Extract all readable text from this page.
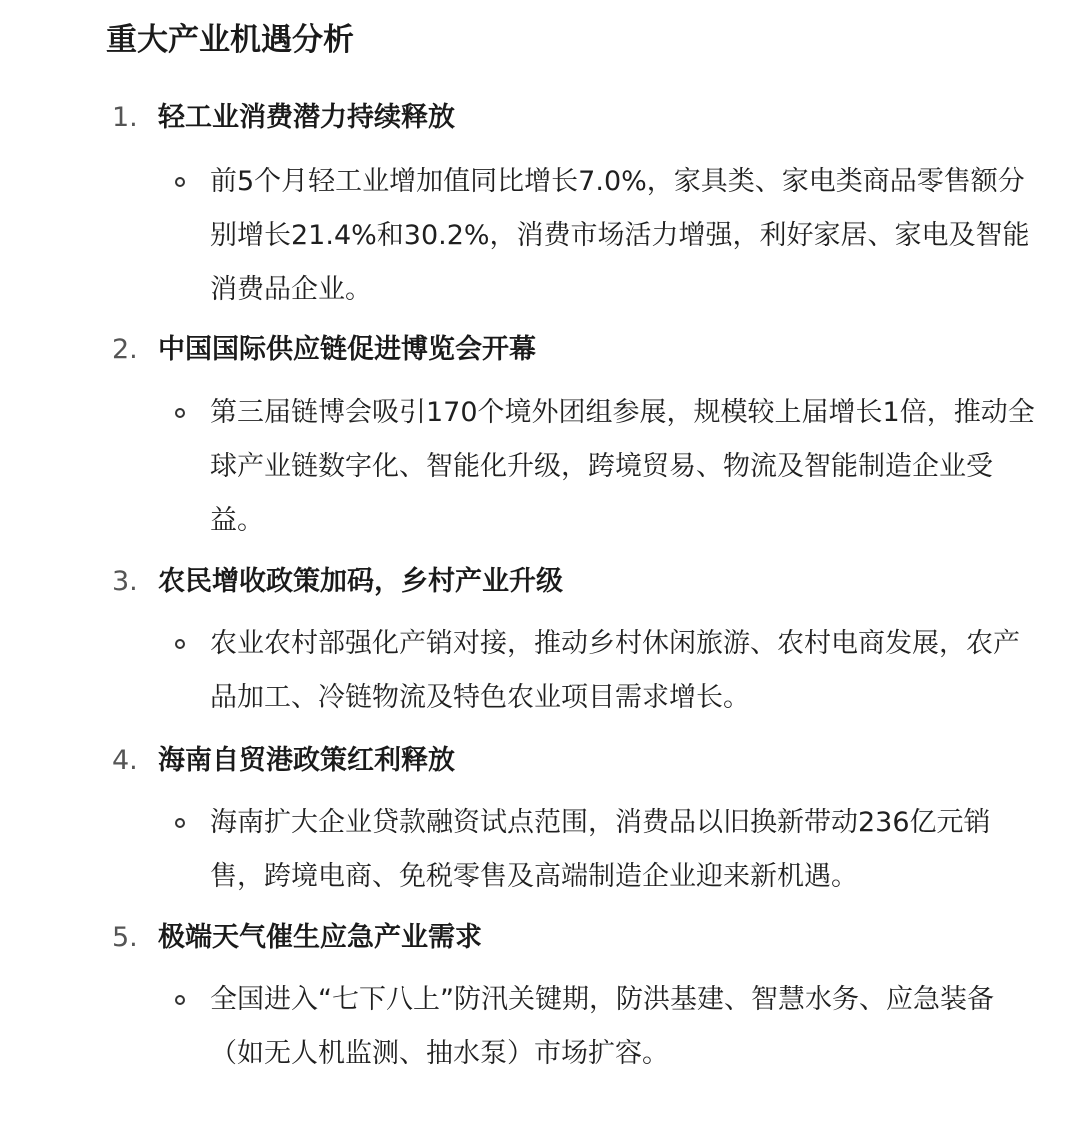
重大产业机遇分析
1. 轻工业消费潜力持续释放
前5个月轻工业增加值同比增长7.0%，家具类、家电类商品零售额分别增长21.4%和30.2%，消费市场活力增强，利好家居、家电及智能消费品企业。
2. 中国国际供应链促进博览会开幕
第三届链博会吸引170个境外团组参展，规模较上届增长1倍，推动全球产业链数字化、智能化升级，跨境贸易、物流及智能制造企业受益。
3. 农民增收政策加码，乡村产业升级
农业农村部强化产销对接，推动乡村休闲旅游、农村电商发展，农产品加工、冷链物流及特色农业项目需求增长。
4. 海南自贸港政策红利释放
海南扩大企业贷款融资试点范围，消费品以旧换新带动236亿元销售，跨境电商、免税零售及高端制造企业迎来新机遇。
5. 极端天气催生应急产业需求
全国进入“七下八上”防汛关键期，防洪基建、智慧水务、应急装备（如无人机监测、抽水泵）市场扩容。
